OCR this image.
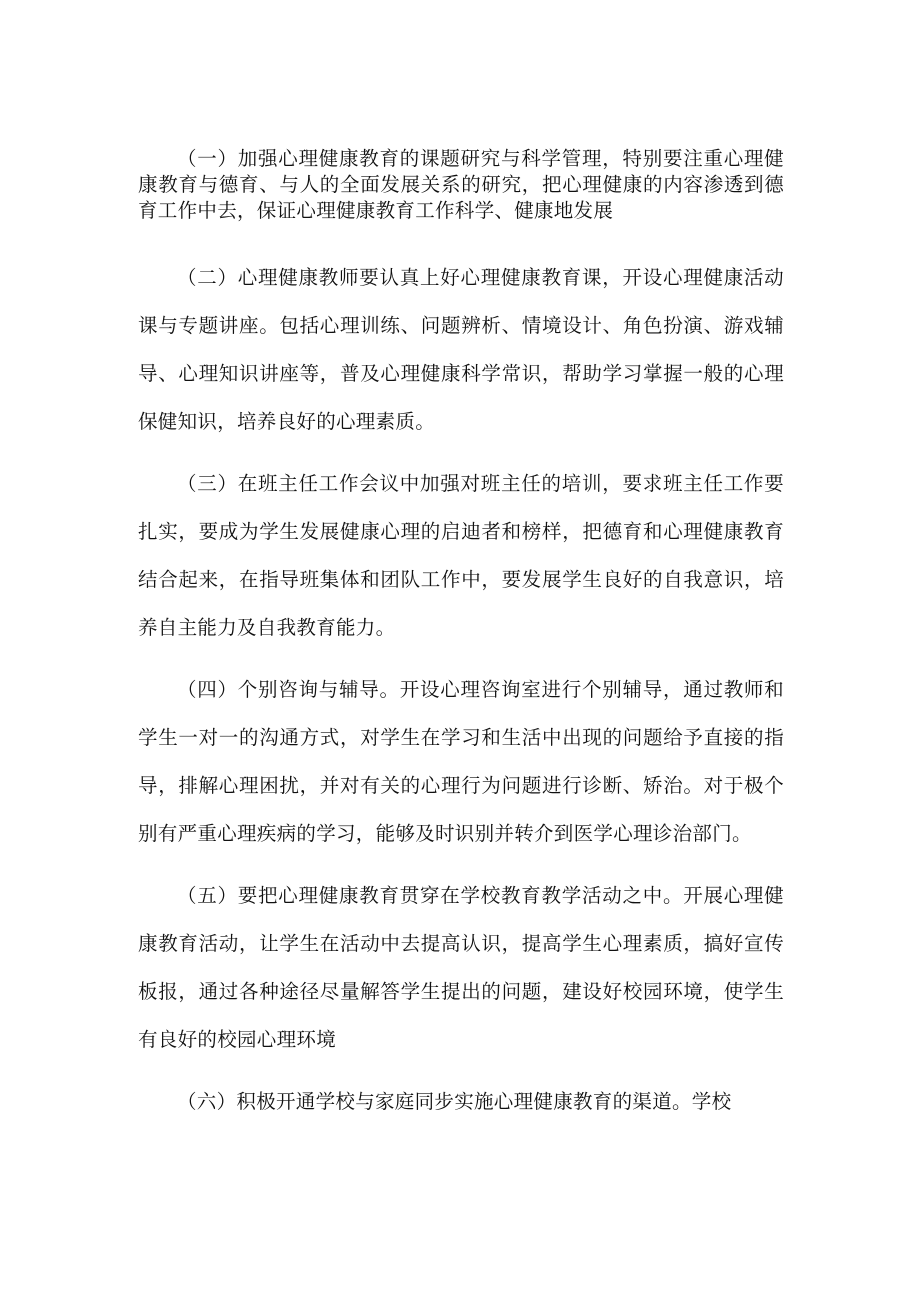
（一）加强心理健康教育的课题研究与科学管理，特别要注重心理健康教育与德育、与人的全面发展关系的研究，把心理健康的内容渗透到德育工作中去，保证心理健康教育工作科学、健康地发展

（二）心理健康教师要认真上好心理健康教育课，开设心理健康活动课与专题讲座。包括心理训练、问题辨析、情境设计、角色扮演、游戏辅导、心理知识讲座等，普及心理健康科学常识，帮助学习掌握一般的心理保健知识，培养良好的心理素质。

（三）在班主任工作会议中加强对班主任的培训，要求班主任工作要扎实，要成为学生发展健康心理的启迪者和榜样，把德育和心理健康教育结合起来，在指导班集体和团队工作中，要发展学生良好的自我意识，培养自主能力及自我教育能力。

（四）个别咨询与辅导。开设心理咨询室进行个别辅导，通过教师和学生一对一的沟通方式，对学生在学习和生活中出现的问题给予直接的指导，排解心理困扰，并对有关的心理行为问题进行诊断、矫治。对于极个别有严重心理疾病的学习，能够及时识别并转介到医学心理诊治部门。

（五）要把心理健康教育贯穿在学校教育教学活动之中。开展心理健康教育活动，让学生在活动中去提高认识，提高学生心理素质，搞好宣传板报，通过各种途径尽量解答学生提出的问题，建设好校园环境，使学生有良好的校园心理环境

（六）积极开通学校与家庭同步实施心理健康教育的渠道。学校
